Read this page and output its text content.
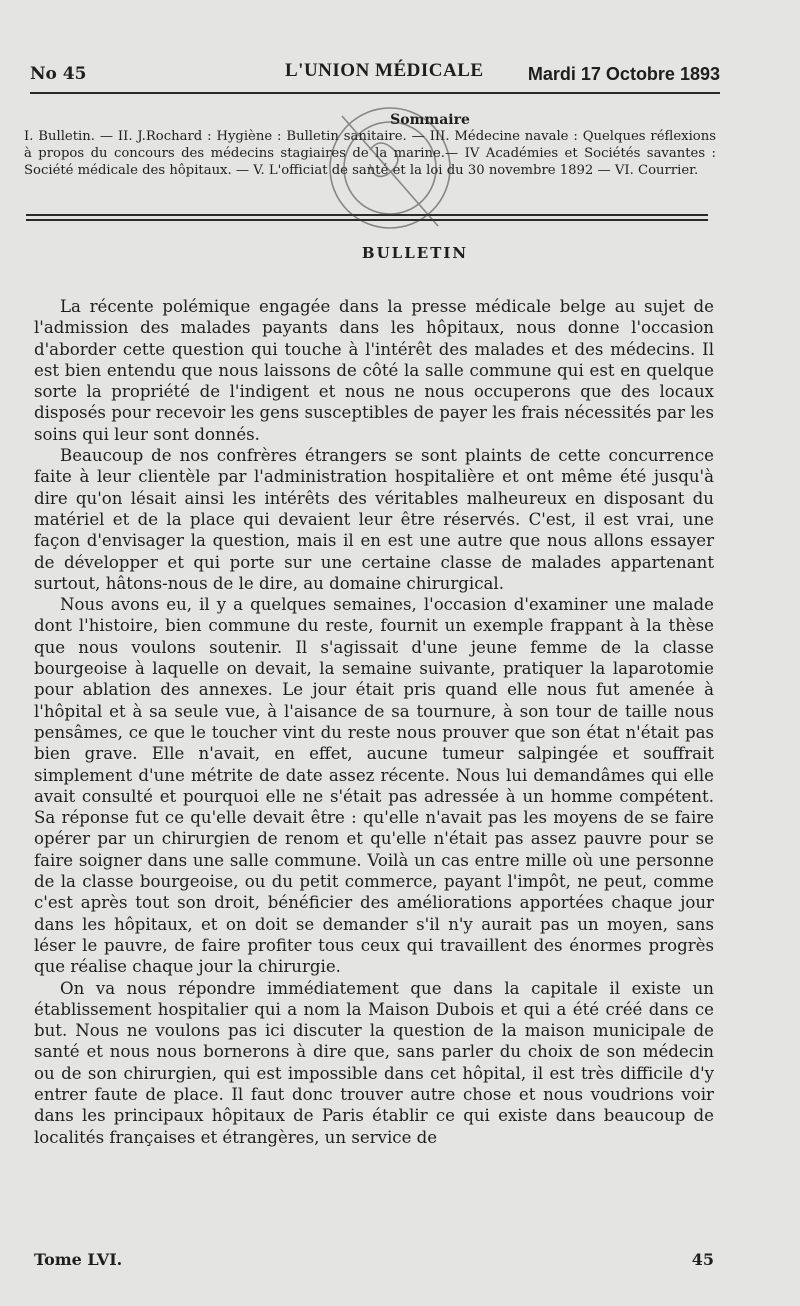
No 45	L'UNION MÉDICALE Mardi 17 Octobre 1893
Sommaire
I. Bulletin. — II. J.Rochard : Hygiène : Bulletin sanitaire. — III. Médecine navale : Quelques réflexions à propos du concours des médecins stagiaires de la marine.— IV Académies et Sociétés savantes : Société médicale des hôpitaux. — V. L'officiat de santé et la loi du 30 novembre 1892 — VI. Courrier.
BULLETIN

La récente polémique engagée dans la presse médicale belge au sujet de l'admission des malades payants dans les hôpitaux, nous donne l'occasion d'aborder cette question qui touche à l'intérêt des malades et des médecins. Il est bien entendu que nous laissons de côté la salle commune qui est en quelque sorte la propriété de l'indigent et nous ne nous occuperons que des locaux disposés pour recevoir les gens susceptibles de payer les frais nécessités par les soins qui leur sont donnés.

Beaucoup de nos confrères étrangers se sont plaints de cette concurrence faite à leur clientèle par l'administration hospitalière et ont même été jusqu'à dire qu'on lésait ainsi les intérêts des véritables malheureux en disposant du matériel et de la place qui devaient leur être réservés. C'est, il est vrai, une façon d'envisager la question, mais il en est une autre que nous allons essayer de développer et qui porte sur une certaine classe de malades appartenant surtout, hâtons-nous de le dire, au domaine chirurgical.

Nous avons eu, il y a quelques semaines, l'occasion d'examiner une malade dont l'histoire, bien commune du reste, fournit un exemple frappant à la thèse que nous voulons soutenir. Il s'agissait d'une jeune femme de la classe bourgeoise à laquelle on devait, la semaine suivante, pratiquer la laparotomie pour ablation des annexes. Le jour était pris quand elle nous fut amenée à l'hôpital et à sa seule vue, à l'aisance de sa tournure, à son tour de taille nous pensâmes, ce que le toucher vint du reste nous prouver que son état n'était pas bien grave. Elle n'avait, en effet, aucune tumeur salpingée et souffrait simplement d'une métrite de date assez récente. Nous lui demandâmes qui elle avait consulté et pourquoi elle ne s'était pas adressée à un homme compétent. Sa réponse fut ce qu'elle devait être : qu'elle n'avait pas les moyens de se faire opérer par un chirurgien de renom et qu'elle n'était pas assez pauvre pour se faire soigner dans une salle commune. Voilà un cas entre mille où une personne de la classe bourgeoise, ou du petit commerce, payant l'impôt, ne peut, comme c'est après tout son droit, bénéficier des améliorations apportées chaque jour dans les hôpitaux, et on doit se demander s'il n'y aurait pas un moyen, sans léser le pauvre, de faire profiter tous ceux qui travaillent des énormes progrès que réalise chaque jour la chirurgie.

On va nous répondre immédiatement que dans la capitale il existe un établissement hospitalier qui a nom la Maison Dubois et qui a été créé dans ce but. Nous ne voulons pas ici discuter la question de la maison municipale de santé et nous nous bornerons à dire que, sans parler du choix de son médecin ou de son chirurgien, qui est impossible dans cet hôpital, il est très difficile d'y entrer faute de place. Il faut donc trouver autre chose et nous voudrions voir dans les principaux hôpitaux de Paris établir ce qui existe dans beaucoup de localités françaises et étrangères, un service de

Tome LVI.	45
